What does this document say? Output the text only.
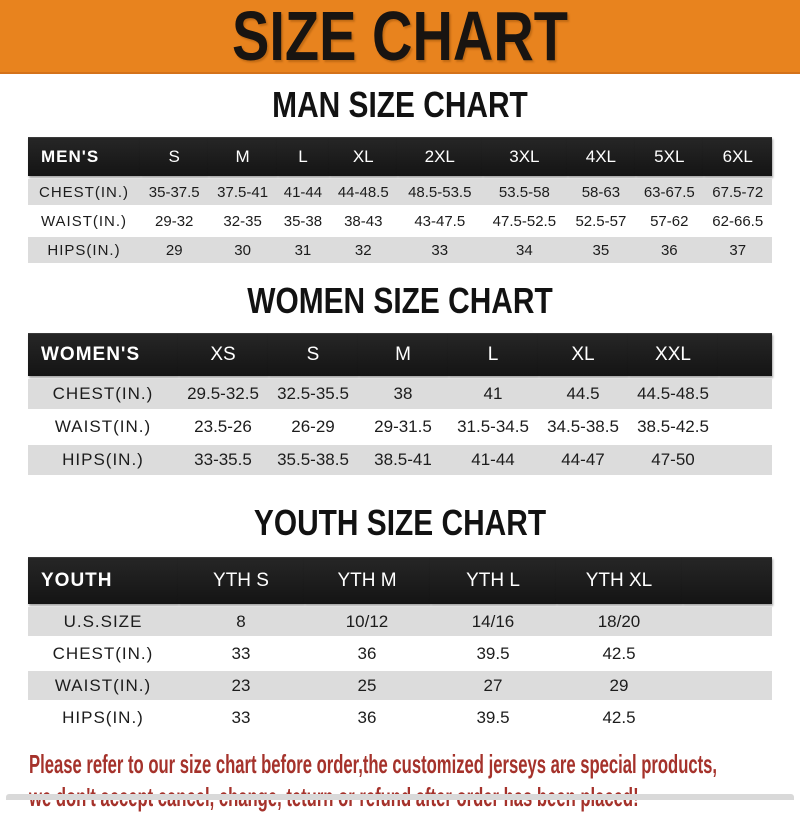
SIZE CHART
MAN SIZE CHART
MEN'S	S	M	L	XL	2XL	3XL	4XL	5XL	6XL
CHEST(IN.)	35-37.5	37.5-41	41-44	44-48.5	48.5-53.5	53.5-58	58-63	63-67.5	67.5-72
WAIST(IN.)	29-32	32-35	35-38	38-43	43-47.5	47.5-52.5	52.5-57	57-62	62-66.5
HIPS(IN.)	29	30	31	32	33	34	35	36	37
WOMEN SIZE CHART
WOMEN'S	XS	S	M	L	XL	XXL	
CHEST(IN.)	29.5-32.5	32.5-35.5	38	41	44.5	44.5-48.5	
WAIST(IN.)	23.5-26	26-29	29-31.5	31.5-34.5	34.5-38.5	38.5-42.5	
HIPS(IN.)	33-35.5	35.5-38.5	38.5-41	41-44	44-47	47-50	
YOUTH SIZE CHART
YOUTH	YTH S	YTH M	YTH L	YTH XL	
U.S.SIZE	8	10/12	14/16	18/20	
CHEST(IN.)	33	36	39.5	42.5	
WAIST(IN.)	23	25	27	29	
HIPS(IN.)	33	36	39.5	42.5	

Please refer to our size chart before order,the customized jerseys are special products,
